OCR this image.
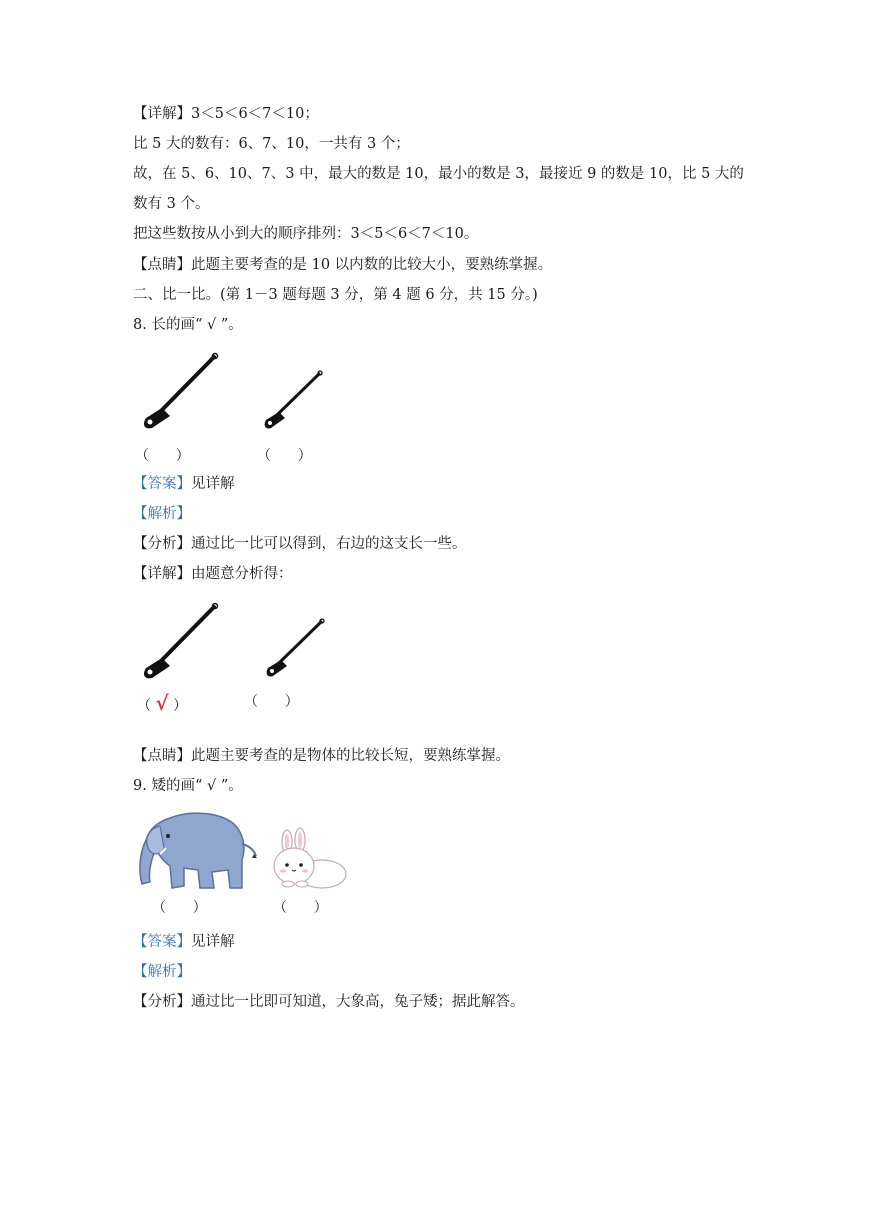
【详解】3＜5＜6＜7＜10；
比 5 大的数有：6、7、10，一共有 3 个；
故，在 5、6、10、7、3 中，最大的数是 10，最小的数是 3，最接近 9 的数是 10，比 5 大的
数有 3 个。
把这些数按从小到大的顺序排列：3＜5＜6＜7＜10。
【点睛】此题主要考查的是 10 以内数的比较大小，要熟练掌握。
二、比一比。(第 1－3 题每题 3 分，第 4 题 6 分，共 15 分。)
8. 长的画“ √ ”。
（      ）	（      ）
【答案】见详解
【解析】
【分析】通过比一比可以得到，右边的这支长一些。
【详解】由题意分析得：
（ √ ）	（      ）
【点睛】此题主要考查的是物体的比较长短，要熟练掌握。
9. 矮的画“ √ ”。
（      ）	（      ）
【答案】见详解
【解析】
【分析】通过比一比即可知道，大象高，兔子矮；据此解答。
